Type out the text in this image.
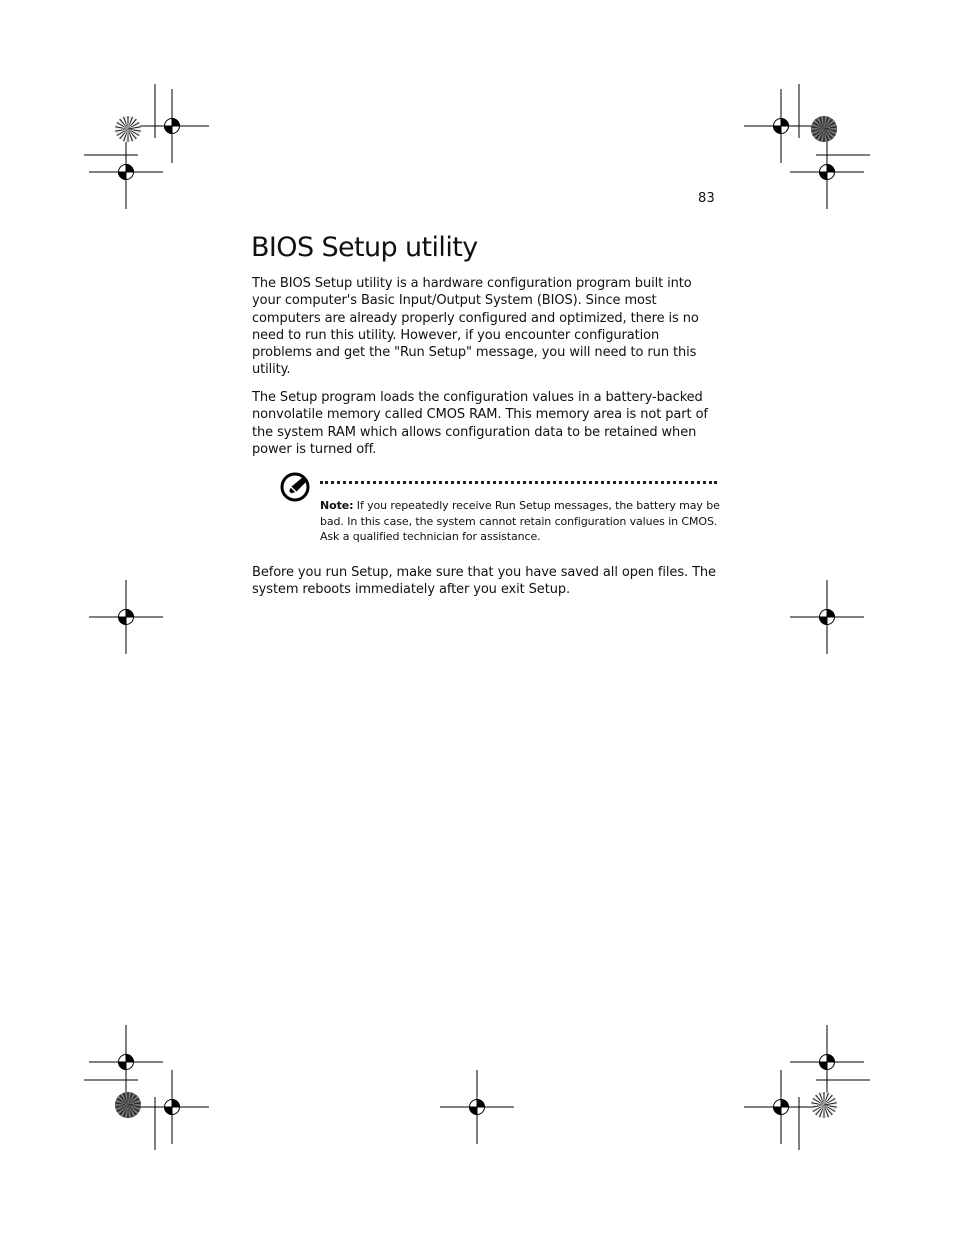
83
BIOS Setup utility

The BIOS Setup utility is a hardware configuration program built into your computer's Basic Input/Output System (BIOS). Since most computers are already properly configured and optimized, there is no need to run this utility. However, if you encounter configuration problems and get the "Run Setup" message, you will need to run this utility.

The Setup program loads the configuration values in a battery-backed nonvolatile memory called CMOS RAM. This memory area is not part of the system RAM which allows configuration data to be retained when power is turned off.

Note: If you repeatedly receive Run Setup messages, the battery may be bad. In this case, the system cannot retain configuration values in CMOS. Ask a qualified technician for assistance.

Before you run Setup, make sure that you have saved all open files. The system reboots immediately after you exit Setup.
